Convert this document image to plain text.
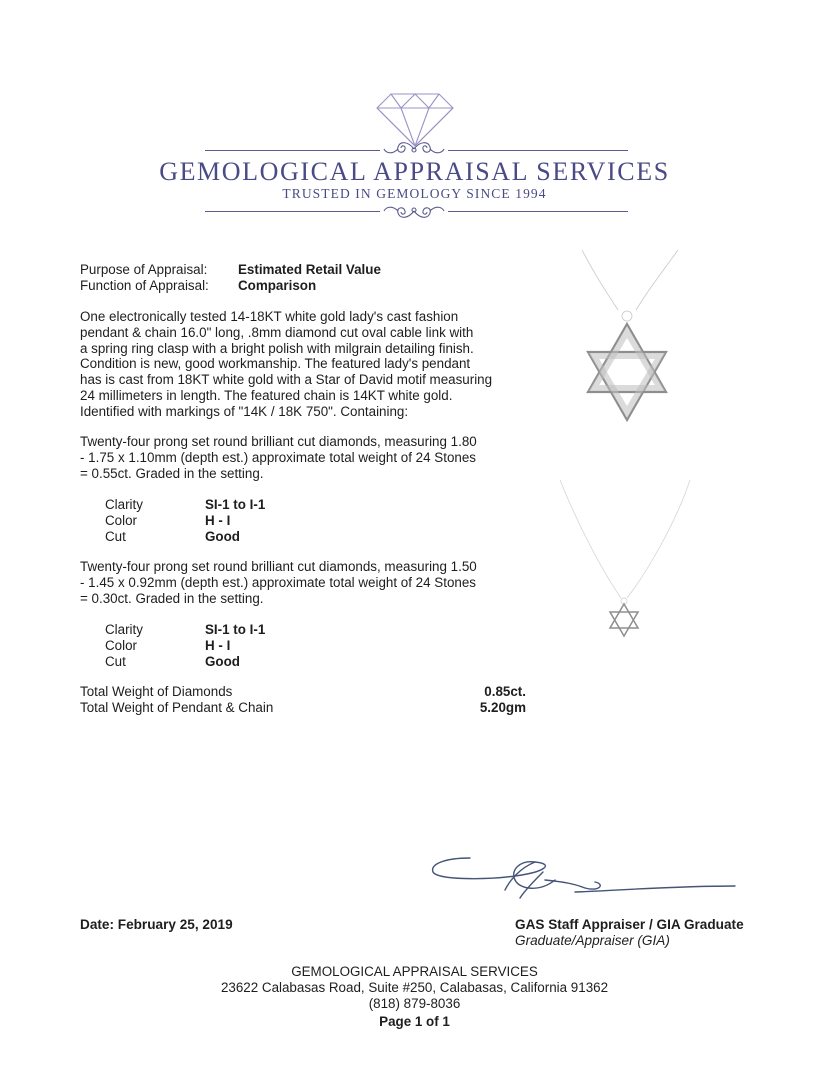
GEMOLOGICAL APPRAISAL SERVICES
TRUSTED IN GEMOLOGY SINCE 1994
Purpose of Appraisal: Estimated Retail Value
Function of Appraisal: Comparison
One electronically tested 14-18KT white gold lady's cast fashion
pendant & chain 16.0" long, .8mm diamond cut oval cable link with
a spring ring clasp with a bright polish with milgrain detailing finish.
Condition is new, good workmanship. The featured lady's pendant
has is cast from 18KT white gold with a Star of David motif measuring
24 millimeters in length. The featured chain is 14KT white gold.
Identified with markings of "14K / 18K 750". Containing:
Twenty-four prong set round brilliant cut diamonds, measuring 1.80
- 1.75 x 1.10mm (depth est.) approximate total weight of 24 Stones
= 0.55ct. Graded in the setting.
Clarity	SI-1 to I-1
Color	H - I
Cut	Good
Twenty-four prong set round brilliant cut diamonds, measuring 1.50
- 1.45 x 0.92mm (depth est.) approximate total weight of 24 Stones
= 0.30ct. Graded in the setting.
Clarity	SI-1 to I-1
Color	H - I
Cut	Good
Total Weight of Diamonds	0.85ct.
Total Weight of Pendant & Chain	5.20gm
Date: February 25, 2019	GAS Staff Appraiser / GIA Graduate
Graduate/Appraiser (GIA)
GEMOLOGICAL APPRAISAL SERVICES
23622 Calabasas Road, Suite #250, Calabasas, California 91362
(818) 879-8036
Page 1 of 1
